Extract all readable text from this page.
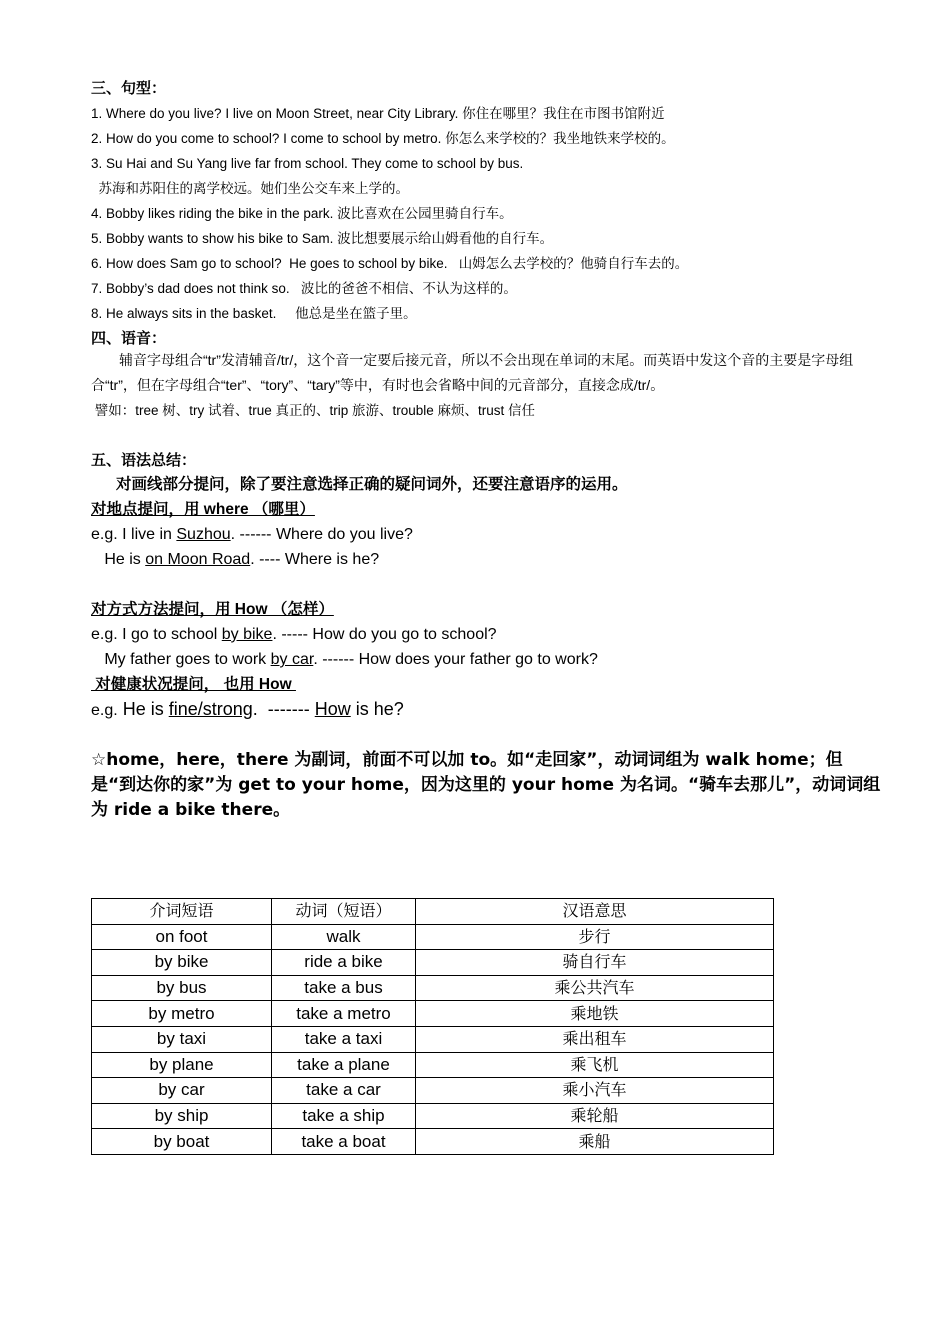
三、句型：
1. Where do you live? I live on Moon Street, near City Library. 你住在哪里？我住在市图书馆附近
2. How do you come to school? I come to school by metro. 你怎么来学校的？我坐地铁来学校的。
3. Su Hai and Su Yang live far from school. They come to school by bus.
苏海和苏阳住的离学校远。她们坐公交车来上学的。
4. Bobby likes riding the bike in the park. 波比喜欢在公园里骑自行车。
5. Bobby wants to show his bike to Sam. 波比想要展示给山姆看他的自行车。
6. How does Sam go to school?  He goes to school by bike.   山姆怎么去学校的？他骑自行车去的。
7. Bobby’s dad does not think so.   波比的爸爸不相信、不认为这样的。
8. He always sits in the basket.     他总是坐在篮子里。
四、语音：
辅音字母组合“tr”发清辅音/tr/，这个音一定要后接元音，所以不会出现在单词的末尾。而英语中发这个音的主要是字母组合“tr”，但在字母组合“ter”、“tory”、“tary”等中，有时也会省略中间的元音部分，直接念成/tr/。
譬如：tree 树、try 试着、true 真正的、trip 旅游、trouble 麻烦、trust 信任
五、语法总结：
对画线部分提问，除了要注意选择正确的疑问词外，还要注意语序的运用。
对地点提问，用 where （哪里）
e.g. I live in Suzhou. ------ Where do you live?
He is on Moon Road. ---- Where is he?
对方式方法提问，用 How （怎样）
e.g. I go to school by bike. ----- How do you go to school?
My father goes to work by car. ------ How does your father go to work?
对健康状况提问， 也用 How
e.g. He is fine/strong.  ------- How is he?
☆home，here，there 为副词，前面不可以加 to。如“走回家”，动词词组为 walk home；但是“到达你的家”为 get to your home，因为这里的 your home 为名词。“骑车去那儿”，动词词组为 ride a bike there。
介词短语	动词（短语）	汉语意思
on foot	walk	步行
by bike	ride a bike	骑自行车
by bus	take a bus	乘公共汽车
by metro	take a metro	乘地铁
by taxi	take a taxi	乘出租车
by plane	take a plane	乘飞机
by car	take a car	乘小汽车
by ship	take a ship	乘轮船
by boat	take a boat	乘船
